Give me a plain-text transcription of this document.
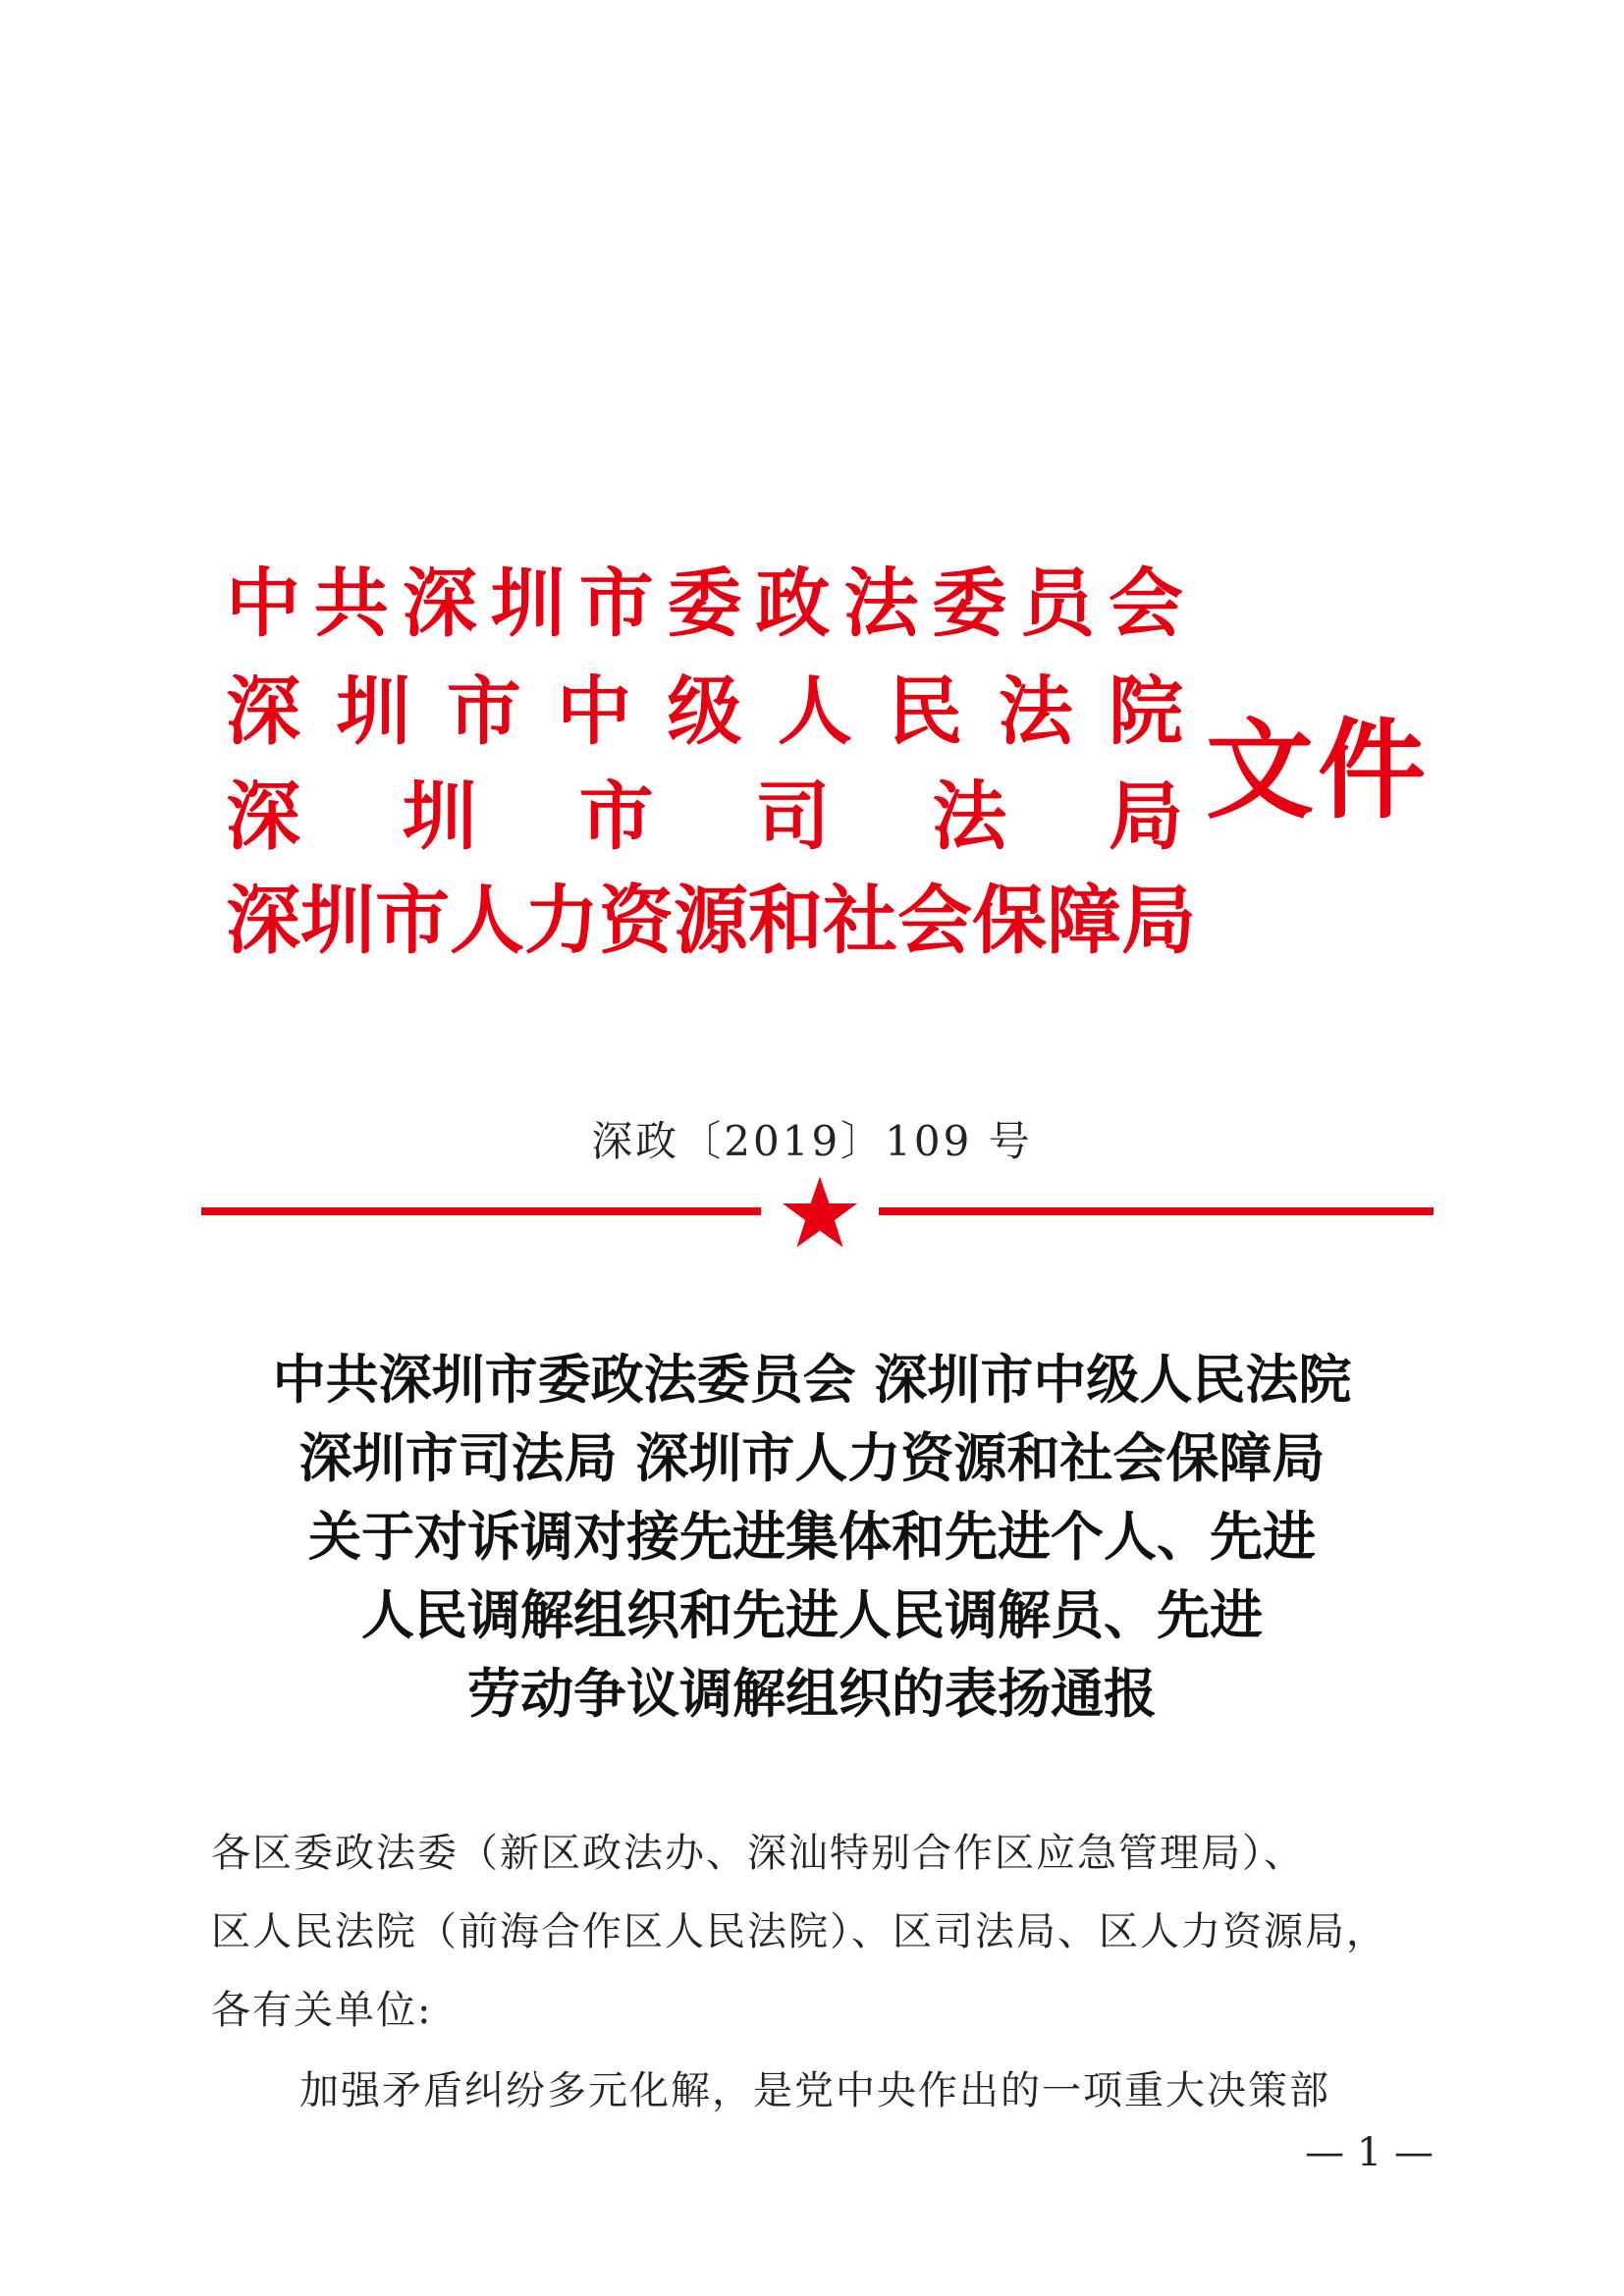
中 共 深 圳 市 委 政 法 委 员 会
深 圳 市 中 级 人 民 法 院
深 圳 市 司 法 局
深 圳 市 人 力 资 源 和 社 会 保 障 局
文件
深政〔2019〕109 号
中共深圳市委政法委员会 深圳市中级人民法院
深圳市司法局 深圳市人力资源和社会保障局
关于对诉调对接先进集体和先进个人、先进
人民调解组织和先进人民调解员、先进
劳动争议调解组织的表扬通报
各区委政法委（新区政法办、深汕特别合作区应急管理局）、
区人民法院（前海合作区人民法院）、区司法局、区人力资源局，
各有关单位:
加强矛盾纠纷多元化解，是党中央作出的一项重大决策部
— 1 —
